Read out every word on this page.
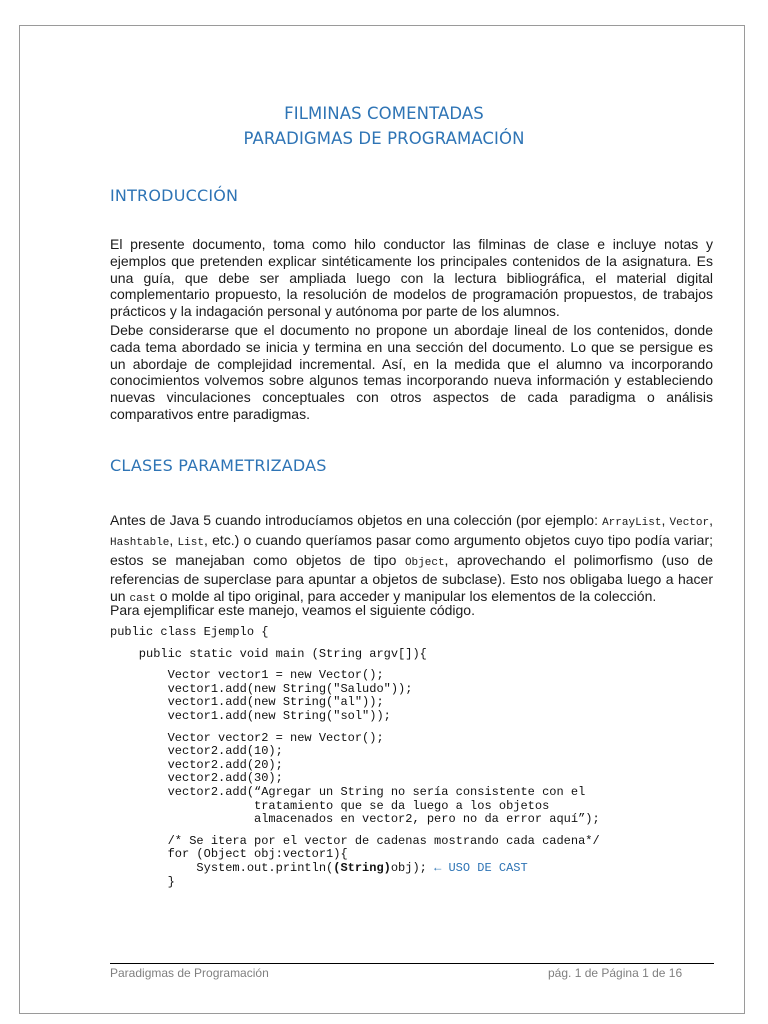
FILMINAS COMENTADAS
PARADIGMAS DE PROGRAMACIÓN
INTRODUCCIÓN

El presente documento, toma como hilo conductor las filminas de clase e incluye notas y ejemplos que pretenden explicar sintéticamente los principales contenidos de la asignatura. Es una guía, que debe ser ampliada luego con la lectura bibliográfica, el material digital complementario propuesto, la resolución de modelos de programación propuestos, de trabajos prácticos y la indagación personal y autónoma por parte de los alumnos.

Debe considerarse que el documento no propone un abordaje lineal de los contenidos, donde cada tema abordado se inicia y termina en una sección del documento. Lo que se persigue es un abordaje de complejidad incremental. Así, en la medida que el alumno va incorporando conocimientos volvemos sobre algunos temas incorporando nueva información y estableciendo nuevas vinculaciones conceptuales con otros aspectos de cada paradigma o análisis comparativos entre paradigmas.

CLASES PARAMETRIZADAS

Antes de Java 5 cuando introducíamos objetos en una colección (por ejemplo: ArrayList, Vector, Hashtable, List, etc.) o cuando queríamos pasar como argumento objetos cuyo tipo podía variar; estos se manejaban como objetos de tipo Object, aprovechando el polimorfismo (uso de referencias de superclase para apuntar a objetos de subclase). Esto nos obligaba luego a hacer un cast o molde al tipo original, para acceder y manipular los elementos de la colección.

Para ejemplificar este manejo, veamos el siguiente código.

public class Ejemplo {
public static void main (String argv[]){
Vector vector1 = new Vector();
vector1.add(new String("Saludo"));
vector1.add(new String("al"));
vector1.add(new String("sol"));
Vector vector2 = new Vector();
vector2.add(10);
vector2.add(20);
vector2.add(30);
vector2.add(“Agregar un String no sería consistente con el
tratamiento que se da luego a los objetos
almacenados en vector2, pero no da error aquí”);
/* Se itera por el vector de cadenas mostrando cada cadena*/
for (Object obj:vector1){
System.out.println((String)obj); ← USO DE CAST
}
Paradigmas de Programación	pág. 1 de Página 1 de 16
